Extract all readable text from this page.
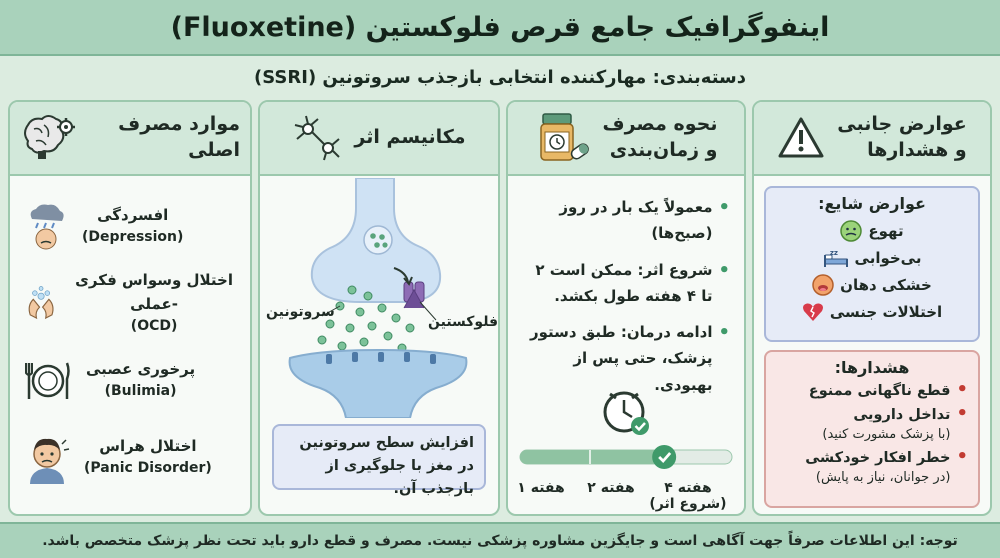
اینفوگرافیک جامع قرص فلوکستین (Fluoxetine)
دسته‌بندی: مهارکننده انتخابی بازجذب سروتونین (SSRI)
عوارض جانبی
و هشدارها
عوارض شایع:
تهوع
بی‌خوابی
zz
خشکی دهان
اختلالات جنسی
هشدارها:
•
قطع ناگهانی ممنوع
•
تداخل دارویی
(با پزشک مشورت کنید)
•
خطر افکار خودکشی
(در جوانان، نیاز به پایش)
نحوه مصرف
و زمان‌بندی
•
معمولاً یک بار در روز (صبح‌ها)
•
شروع اثر: ممکن است ۲ تا ۴ هفته طول بکشد.
•
ادامه درمان: طبق دستور پزشک، حتی پس از بهبودی.
هفته ۴
(شروع اثر)
هفته ۲
هفته ۱
مکانیسم اثر
سروتونین
فلوکستین
افزایش سطح سروتونین در مغز با جلوگیری از بازجذب آن.
موارد مصرف اصلی
افسردگی
(Depression)
اختلال وسواس فکری -عملی
(OCD)
پرخوری عصبی
(Bulimia)
اختلال هراس
(Panic Disorder)
توجه: این اطلاعات صرفاً جهت آگاهی است و جایگزین مشاوره پزشکی نیست. مصرف و قطع دارو باید تحت نظر پزشک متخصص باشد.
